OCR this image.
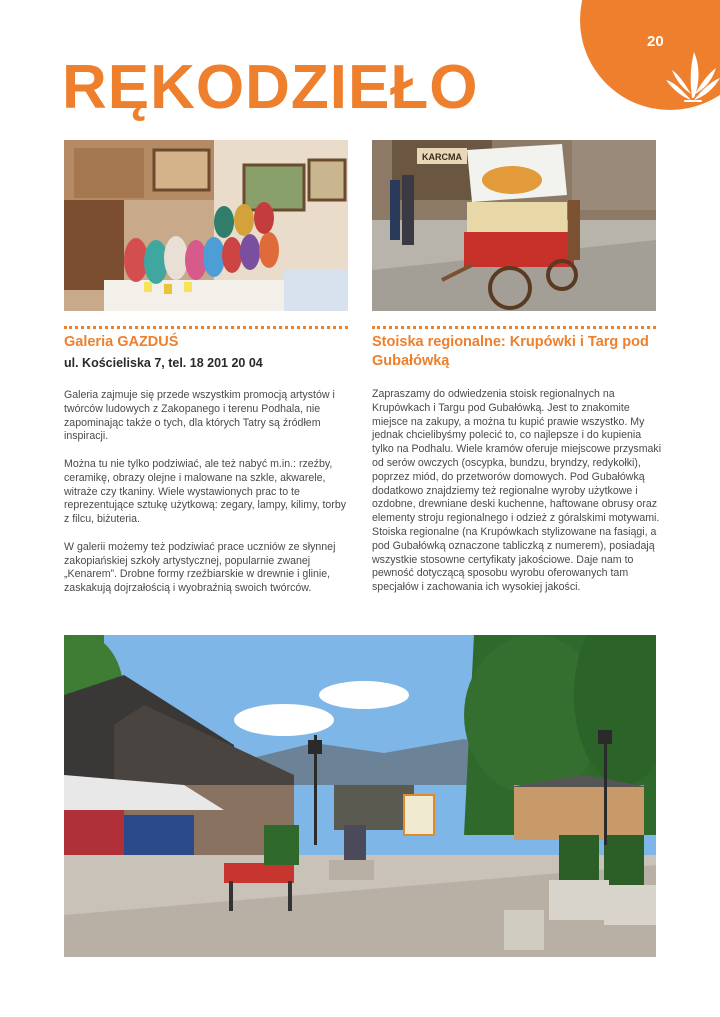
20
RĘKODZIEŁO
KARCMA
Galeria GAZDUŚ

ul. Kościeliska 7, tel. 18 201 20 04

Galeria zajmuje się przede wszystkim promocją artystów i twórców ludowych z Zakopanego i terenu Podhala, nie zapominając także o tych, dla których Tatry są źródłem inspiracji.

Można tu nie tylko podziwiać, ale też nabyć m.in.: rzeźby, ceramikę, obrazy olejne i malowane na szkle, akwarele, witraże czy tkaniny. Wiele wystawionych prac to te reprezentujące sztukę użytkową: zegary, lampy, kilimy, torby z filcu, biżuteria.

W galerii możemy też podziwiać prace uczniów ze słynnej zakopiańskiej szkoły artystycznej, popularnie zwanej „Kenarem”. Drobne formy rzeźbiarskie w drewnie i glinie, zaskakują dojrzałością i wyobraźnią swoich twórców.

Stoiska regionalne: Krupówki i Targ pod Gubałówką

Zapraszamy do odwiedzenia stoisk regionalnych na Krupówkach i Targu pod Gubałówką. Jest to znakomite miejsce na zakupy, a można tu kupić prawie wszystko. My jednak chcielibyśmy polecić to, co najlepsze i do kupienia tylko na Podhalu. Wiele kramów oferuje miejscowe przysmaki od serów owczych (oscypka, bundzu, bryndzy, redykołki), poprzez miód, do przetworów domowych. Pod Gubałówką dodatkowo znajdziemy też regionalne wyroby użytkowe i ozdobne, drewniane deski kuchenne, haftowane obrusy oraz elementy stroju regionalnego i odzież z góralskimi motywami. Stoiska regionalne (na Krupówkach stylizowane na fasiągi, a pod Gubałówką oznaczone tabliczką z numerem), posiadają wszystkie stosowne certyfikaty jakościowe. Daje nam to pewność dotyczącą sposobu wyrobu oferowanych tam specjałów i zachowania ich wysokiej jakości.
